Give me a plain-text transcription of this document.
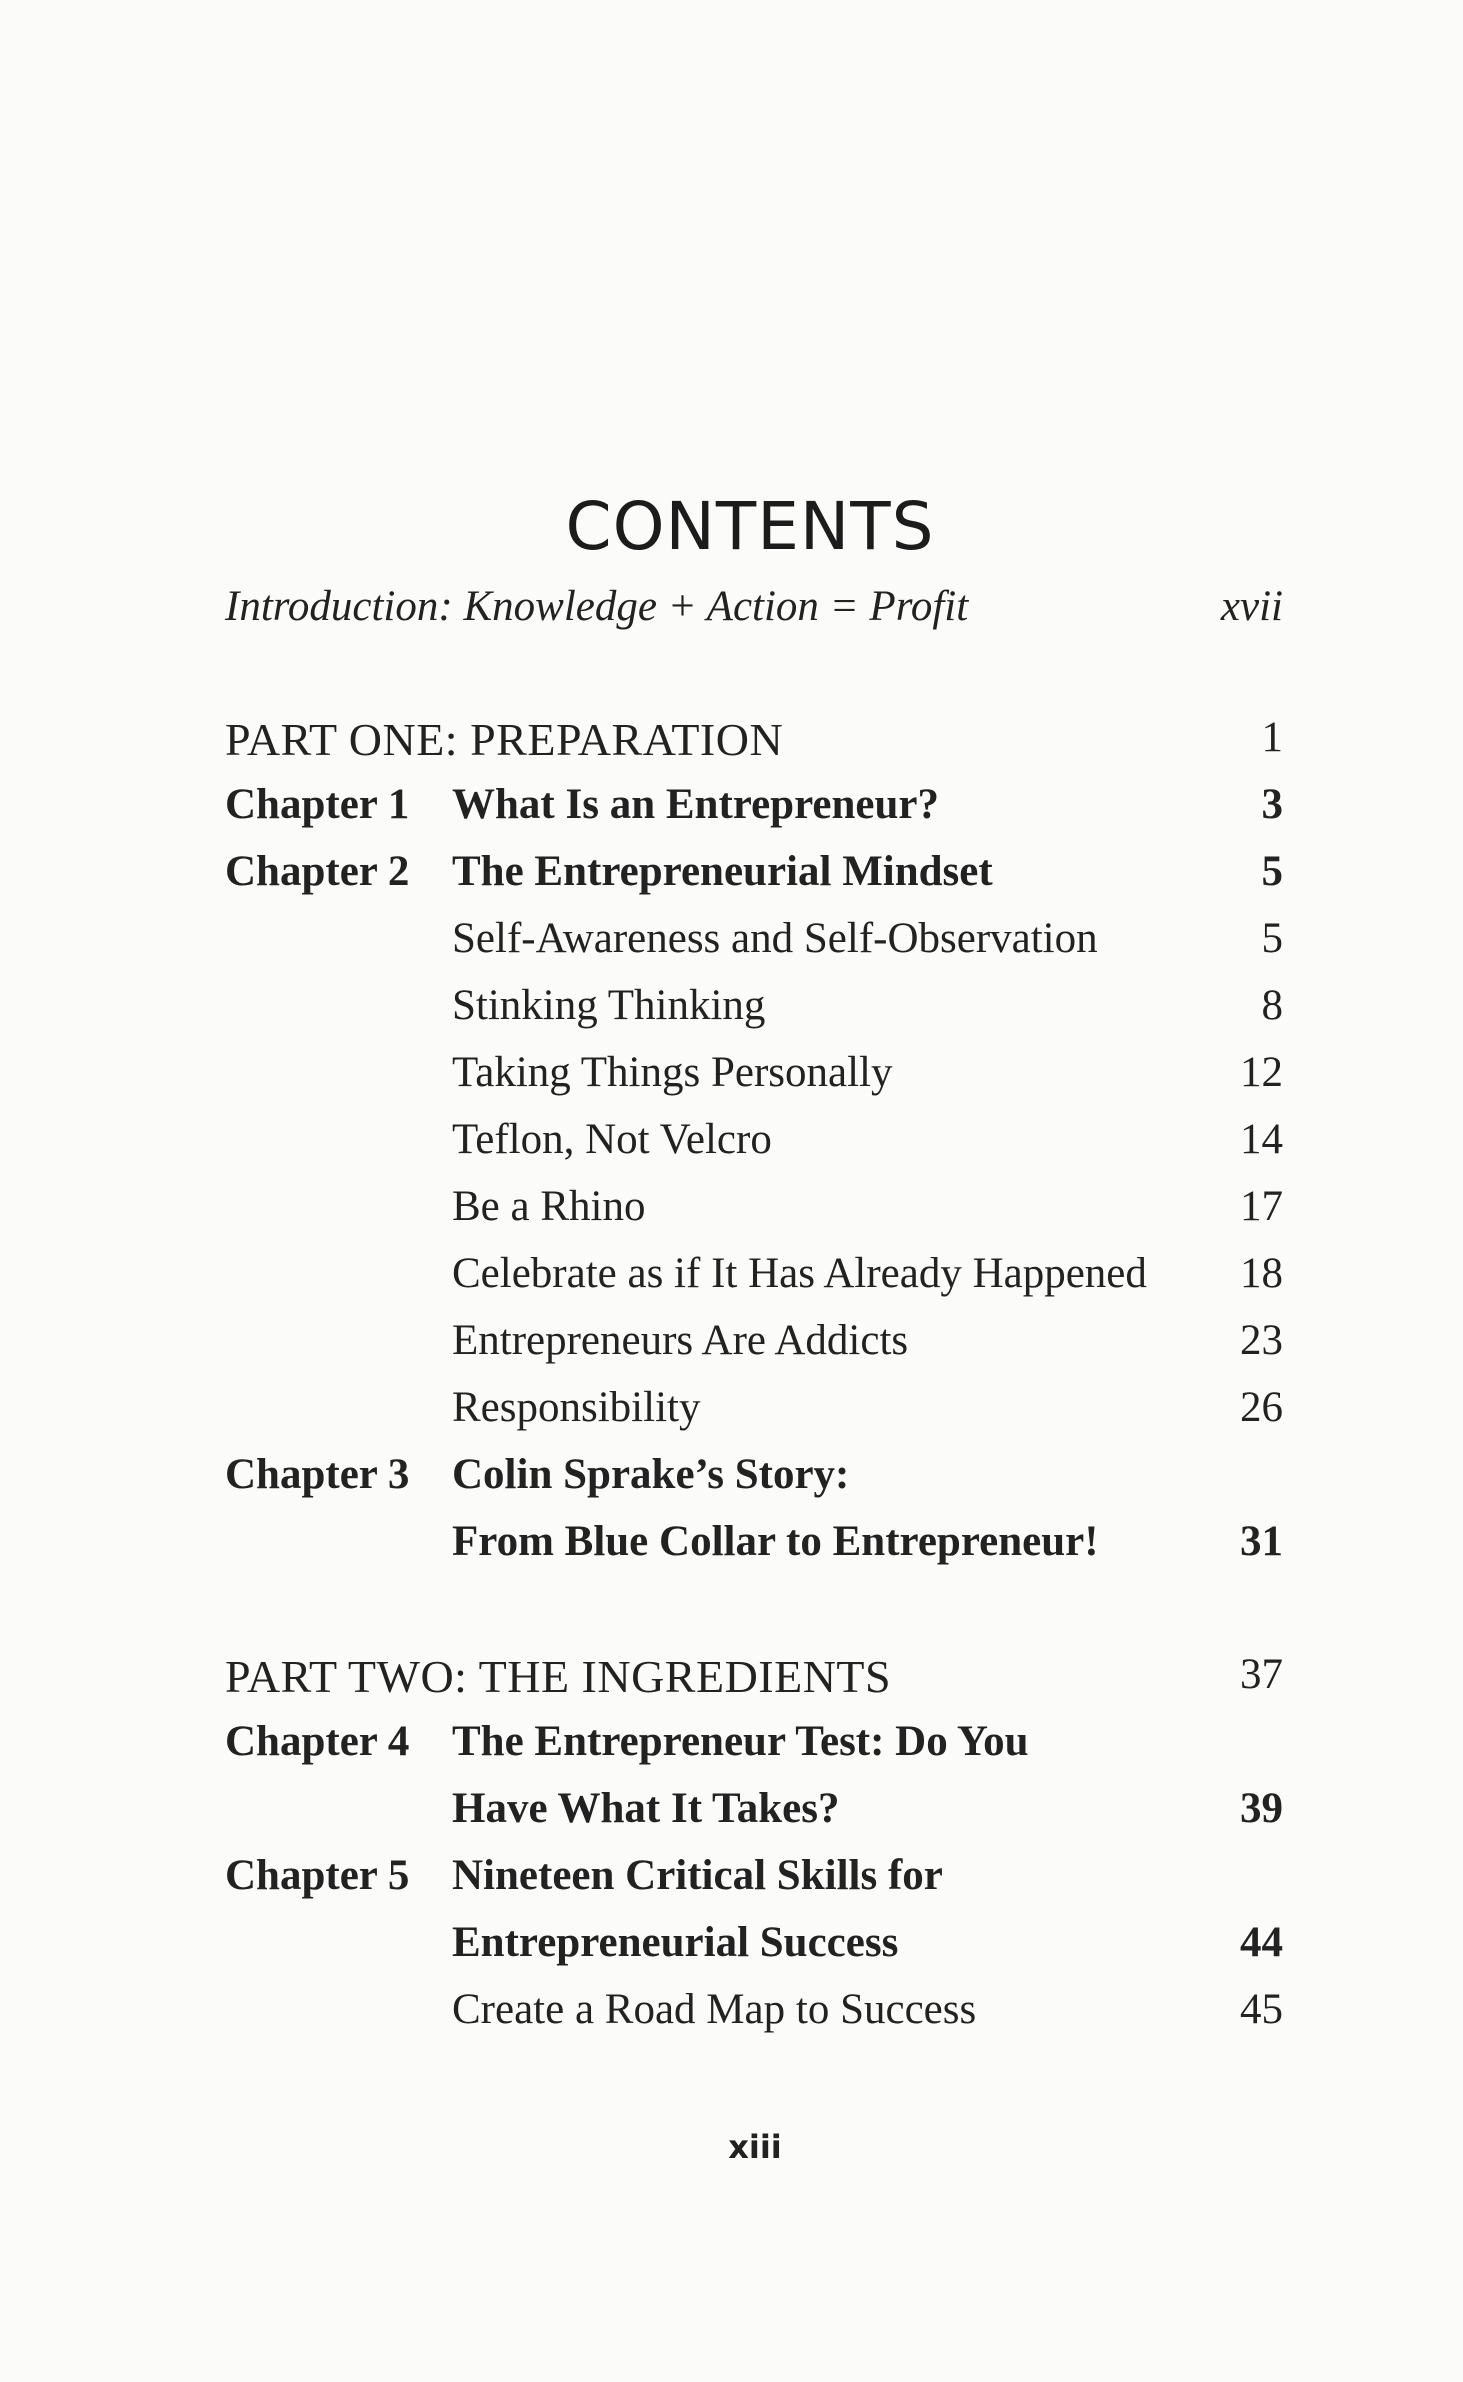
CONTENTS
Introduction: Knowledge + Action = Profit	xvii
PART ONE: PREPARATION	1
Chapter 1 What Is an Entrepreneur?	3
Chapter 2 The Entrepreneurial Mindset	5
Self-Awareness and Self-Observation	5
Stinking Thinking	8
Taking Things Personally	12
Teflon, Not Velcro	14
Be a Rhino	17
Celebrate as if It Has Already Happened 18
Entrepreneurs Are Addicts	23
Responsibility	26
Chapter 3 Colin Sprake’s Story:
From Blue Collar to Entrepreneur!	31
PART TWO: THE INGREDIENTS	37
Chapter 4 The Entrepreneur Test: Do You
Have What It Takes?	39
Chapter 5 Nineteen Critical Skills for
Entrepreneurial Success	44
Create a Road Map to Success	45
xiii
